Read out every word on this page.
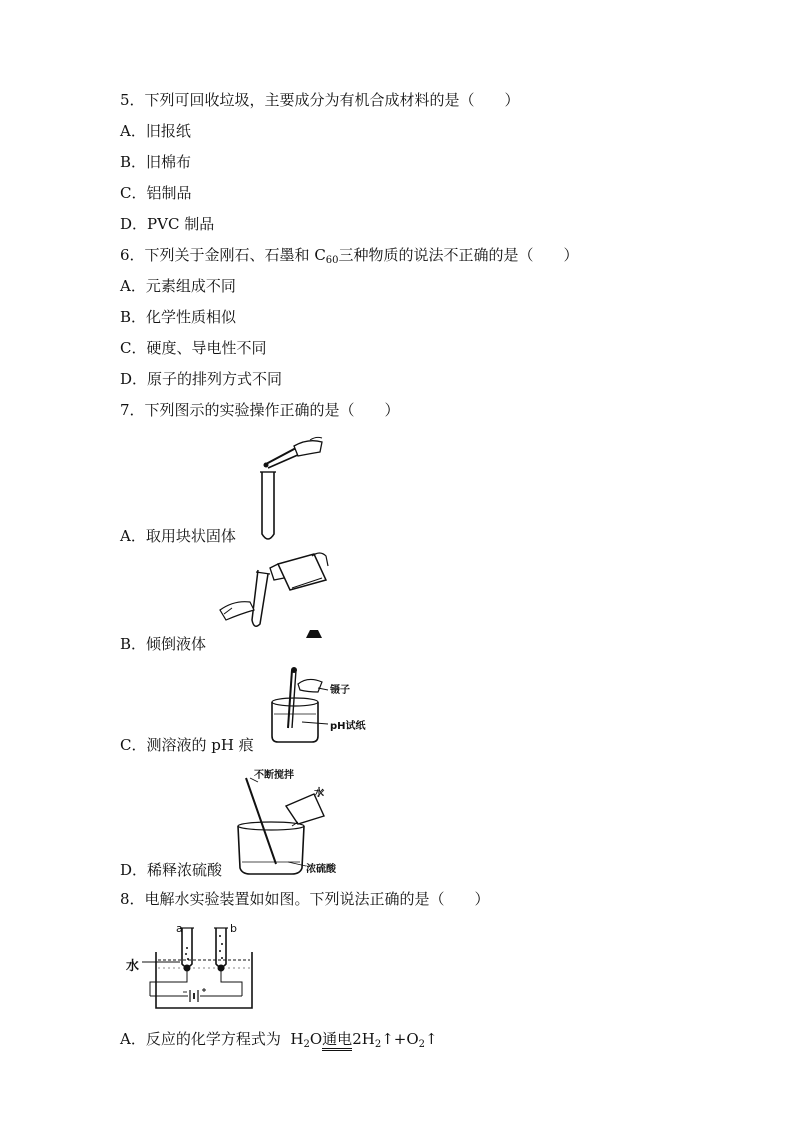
5．下列可回收垃圾，主要成分为有机合成材料的是（　　）
A．旧报纸
B．旧棉布
C．铝制品
D．PVC 制品
6．下列关于金刚石、石墨和 $C_{60}$三种物质的说法不正确的是（　　）
A．元素组成不同
B．化学性质相似
C．硬度、导电性不同
D．原子的排列方式不同
7．下列图示的实验操作正确的是（　　）
A．取用块状固体
B．倾倒液体
镊子
pH试纸
C．测溶液的 pH 痕
不断搅拌
水
浓硫酸
D．稀释浓硫酸
8．电解水实验装置如如图。下列说法正确的是（　　）
a	b
水
A．反应的化学方程式为 $H_2O$通电$2H_2↑+O_2↑$
